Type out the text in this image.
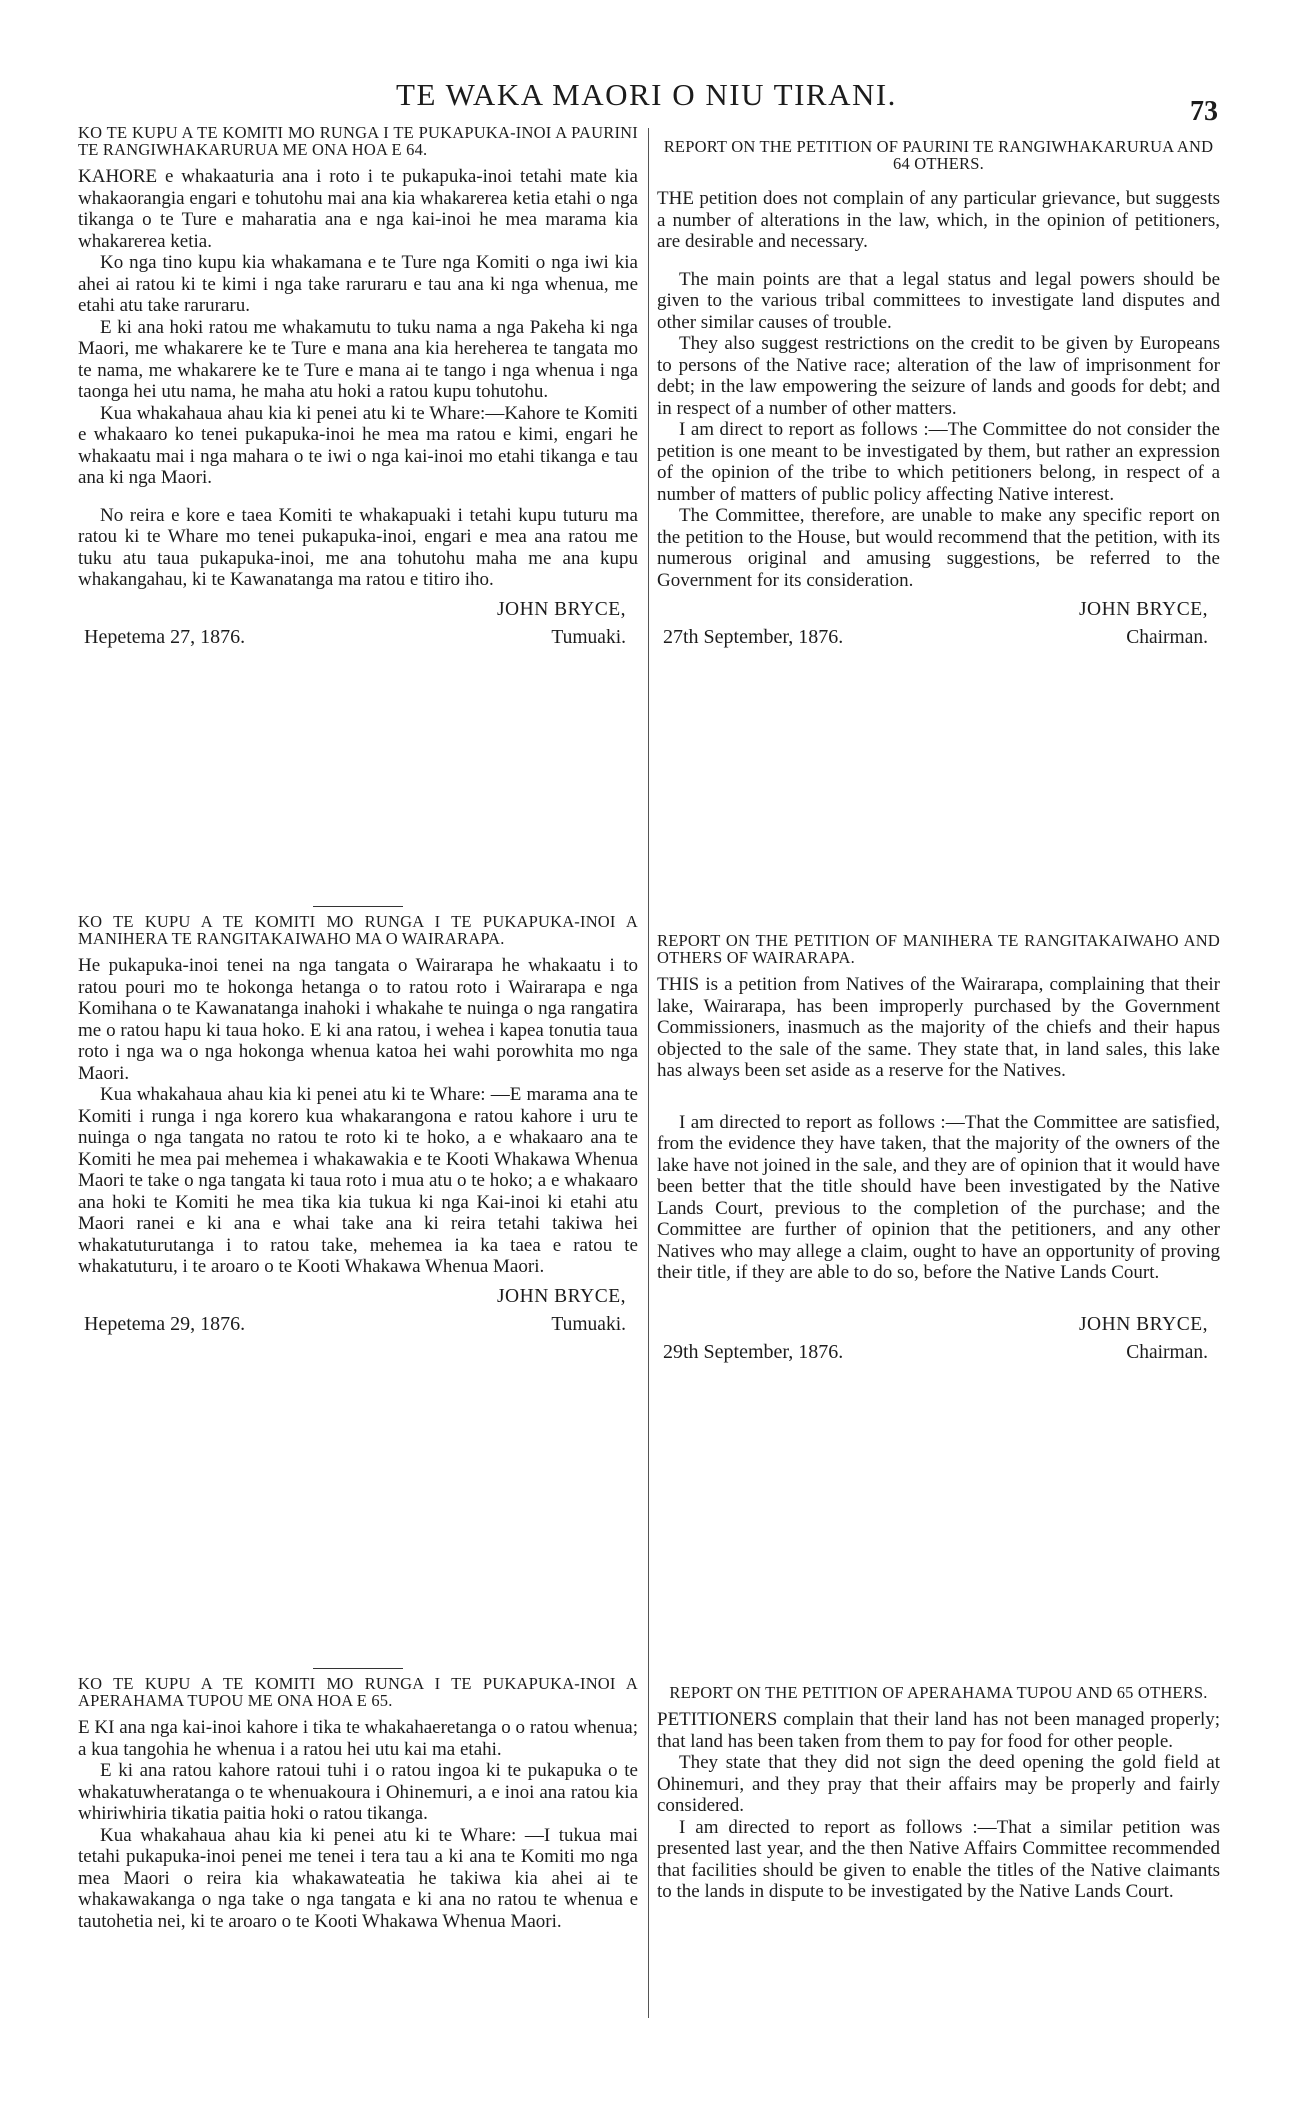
TE WAKA MAORI O NIU TIRANI.	73
KO TE KUPU A TE KOMITI MO RUNGA I TE PUKAPUKA-INOI A PAURINI TE RANGIWHAKARURUA ME ONA HOA E 64.

KAHORE e whakaaturia ana i roto i te pukapuka-inoi tetahi mate kia whakaorangia engari e tohutohu mai ana kia whakarerea ketia etahi o nga tikanga o te Ture e maharatia ana e nga kai-inoi he mea marama kia whakarerea ketia.

Ko nga tino kupu kia whakamana e te Ture nga Komiti o nga iwi kia ahei ai ratou ki te kimi i nga take raruraru e tau ana ki nga whenua, me etahi atu take raruraru.

E ki ana hoki ratou me whakamutu to tuku nama a nga Pakeha ki nga Maori, me whakarere ke te Ture e mana ana kia hereherea te tangata mo te nama, me whakarere ke te Ture e mana ai te tango i nga whenua i nga taonga hei utu nama, he maha atu hoki a ratou kupu tohutohu.

Kua whakahaua ahau kia ki penei atu ki te Whare:—Kahore te Komiti e whakaaro ko tenei pukapuka-inoi he mea ma ratou e kimi, engari he whakaatu mai i nga mahara o te iwi o nga kai-inoi mo etahi tikanga e tau ana ki nga Maori.

No reira e kore e taea Komiti te whakapuaki i tetahi kupu tuturu ma ratou ki te Whare mo tenei pukapuka-inoi, engari e mea ana ratou me tuku atu taua pukapuka-inoi, me ana tohutohu maha me ana kupu whakangahau, ki te Kawanatanga ma ratou e titiro iho.

JOHN BRYCE,
Tumuaki.
Hepetema 27, 1876.
KO TE KUPU A TE KOMITI MO RUNGA I TE PUKAPUKA-INOI A MANIHERA TE RANGITAKAIWAHO MA O WAIRARAPA.

He pukapuka-inoi tenei na nga tangata o Wairarapa he whakaatu i to ratou pouri mo te hokonga hetanga o to ratou roto i Wairarapa e nga Komihana o te Kawanatanga inahoki i whakahe te nuinga o nga rangatira me o ratou hapu ki taua hoko. E ki ana ratou, i wehea i kapea tonutia taua roto i nga wa o nga hokonga whenua katoa hei wahi porowhita mo nga Maori.

Kua whakahaua ahau kia ki penei atu ki te Whare: —E marama ana te Komiti i runga i nga korero kua whakarangona e ratou kahore i uru te nuinga o nga tangata no ratou te roto ki te hoko, a e whakaaro ana te Komiti he mea pai mehemea i whakawakia e te Kooti Whakawa Whenua Maori te take o nga tangata ki taua roto i mua atu o te hoko; a e whakaaro ana hoki te Komiti he mea tika kia tukua ki nga Kai-inoi ki etahi atu Maori ranei e ki ana e whai take ana ki reira tetahi takiwa hei whakatuturutanga i to ratou take, mehemea ia ka taea e ratou te whakatuturu, i te aroaro o te Kooti Whakawa Whenua Maori.

JOHN BRYCE,
Tumuaki.
Hepetema 29, 1876.
KO TE KUPU A TE KOMITI MO RUNGA I TE PUKAPUKA-INOI A APERAHAMA TUPOU ME ONA HOA E 65.

E KI ana nga kai-inoi kahore i tika te whakahaeretanga o o ratou whenua; a kua tangohia he whenua i a ratou hei utu kai ma etahi.

E ki ana ratou kahore ratoui tuhi i o ratou ingoa ki te pukapuka o te whakatuwheratanga o te whenuakoura i Ohinemuri, a e inoi ana ratou kia whiriwhiria tikatia paitia hoki o ratou tikanga.

Kua whakahaua ahau kia ki penei atu ki te Whare: —I tukua mai tetahi pukapuka-inoi penei me tenei i tera tau a ki ana te Komiti mo nga mea Maori o reira kia whakawateatia he takiwa kia ahei ai te whakawakanga o nga take o nga tangata e ki ana no ratou te whenua e tautohetia nei, ki te aroaro o te Kooti Whakawa Whenua Maori.

REPORT ON THE PETITION OF PAURINI TE RANGIWHAKARURUA AND 64 OTHERS.

THE petition does not complain of any particular grievance, but suggests a number of alterations in the law, which, in the opinion of petitioners, are desirable and necessary.

The main points are that a legal status and legal powers should be given to the various tribal committees to investigate land disputes and other similar causes of trouble.

They also suggest restrictions on the credit to be given by Europeans to persons of the Native race; alteration of the law of imprisonment for debt; in the law empowering the seizure of lands and goods for debt; and in respect of a number of other matters.

I am direct to report as follows :—The Committee do not consider the petition is one meant to be investigated by them, but rather an expression of the opinion of the tribe to which petitioners belong, in respect of a number of matters of public policy affecting Native interest.

The Committee, therefore, are unable to make any specific report on the petition to the House, but would recommend that the petition, with its numerous original and amusing suggestions, be referred to the Government for its consideration.

JOHN BRYCE,
Chairman.
27th September, 1876.
REPORT ON THE PETITION OF MANIHERA TE RANGITAKAIWAHO AND OTHERS OF WAIRARAPA.

THIS is a petition from Natives of the Wairarapa, complaining that their lake, Wairarapa, has been improperly purchased by the Government Commissioners, inasmuch as the majority of the chiefs and their hapus objected to the sale of the same. They state that, in land sales, this lake has always been set aside as a reserve for the Natives.

I am directed to report as follows :—That the Committee are satisfied, from the evidence they have taken, that the majority of the owners of the lake have not joined in the sale, and they are of opinion that it would have been better that the title should have been investigated by the Native Lands Court, previous to the completion of the purchase; and the Committee are further of opinion that the petitioners, and any other Natives who may allege a claim, ought to have an opportunity of proving their title, if they are able to do so, before the Native Lands Court.

JOHN BRYCE,
Chairman.
29th September, 1876.
REPORT ON THE PETITION OF APERAHAMA TUPOU AND 65 OTHERS.

PETITIONERS complain that their land has not been managed properly; that land has been taken from them to pay for food for other people.

They state that they did not sign the deed opening the gold field at Ohinemuri, and they pray that their affairs may be properly and fairly considered.

I am directed to report as follows :—That a similar petition was presented last year, and the then Native Affairs Committee recommended that facilities should be given to enable the titles of the Native claimants to the lands in dispute to be investigated by the Native Lands Court.
